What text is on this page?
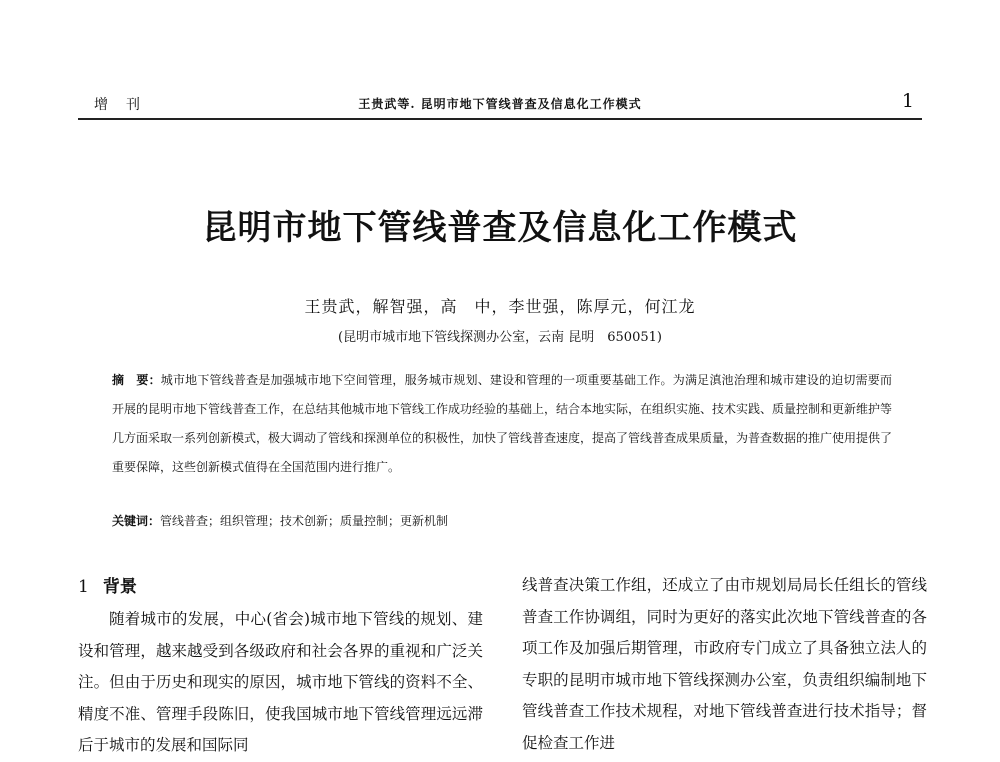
增刊	王贵武等. 昆明市地下管线普查及信息化工作模式	1
昆明市地下管线普查及信息化工作模式
王贵武，解智强，高　中，李世强，陈厚元，何江龙
(昆明市城市地下管线探测办公室，云南 昆明　650051)
摘　要：城市地下管线普查是加强城市地下空间管理，服务城市规划、建设和管理的一项重要基础工作。为满足滇池治理和城市建设的迫切需要而开展的昆明市地下管线普查工作，在总结其他城市地下管线工作成功经验的基础上，结合本地实际，在组织实施、技术实践、质量控制和更新维护等几方面采取一系列创新模式，极大调动了管线和探测单位的积极性，加快了管线普查速度，提高了管线普查成果质量，为普查数据的推广使用提供了重要保障，这些创新模式值得在全国范围内进行推广。
关键词：管线普查；组织管理；技术创新；质量控制；更新机制
1 背景
随着城市的发展，中心(省会)城市地下管线的规划、建设和管理，越来越受到各级政府和社会各界的重视和广泛关注。但由于历史和现实的原因，城市地下管线的资料不全、精度不准、管理手段陈旧，使我国城市地下管线管理远远滞后于城市的发展和国际同
线普查决策工作组，还成立了由市规划局局长任组长的管线普查工作协调组，同时为更好的落实此次地下管线普查的各项工作及加强后期管理，市政府专门成立了具备独立法人的专职的昆明市城市地下管线探测办公室，负责组织编制地下管线普查工作技术规程，对地下管线普查进行技术指导；督促检查工作进
